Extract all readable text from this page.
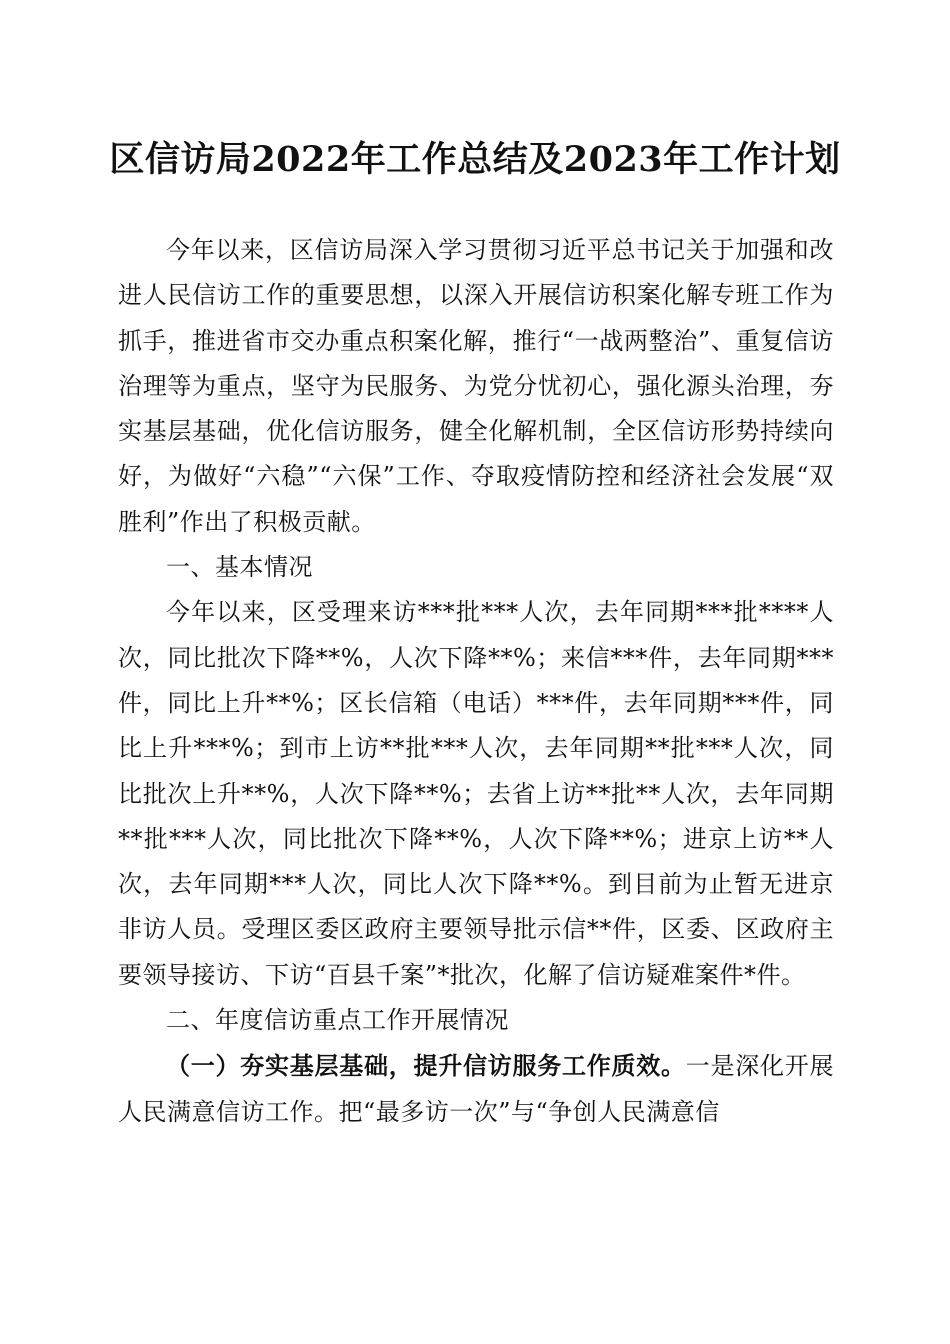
区信访局2022年工作总结及2023年工作计划

今年以来，区信访局深入学习贯彻习近平总书记关于加强和改进人民信访工作的重要思想，以深入开展信访积案化解专班工作为抓手，推进省市交办重点积案化解，推行“一战两整治”、重复信访治理等为重点，坚守为民服务、为党分忧初心，强化源头治理，夯实基层基础，优化信访服务，健全化解机制，全区信访形势持续向好，为做好“六稳”“六保”工作、夺取疫情防控和经济社会发展“双胜利”作出了积极贡献。

一、基本情况

今年以来，区受理来访***批***人次，去年同期***批****人次，同比批次下降**%，人次下降**%；来信***件，去年同期***件，同比上升**%；区长信箱（电话）***件，去年同期***件，同比上升***%；到市上访**批***人次，去年同期**批***人次，同比批次上升**%，人次下降**%；去省上访**批**人次，去年同期**批***人次，同比批次下降**%，人次下降**%；进京上访**人次，去年同期***人次，同比人次下降**%。到目前为止暂无进京非访人员。受理区委区政府主要领导批示信**件，区委、区政府主要领导接访、下访“百县千案”*批次，化解了信访疑难案件*件。

二、年度信访重点工作开展情况

（一）夯实基层基础，提升信访服务工作质效。一是深化开展人民满意信访工作。把“最多访一次”与“争创人民满意信
